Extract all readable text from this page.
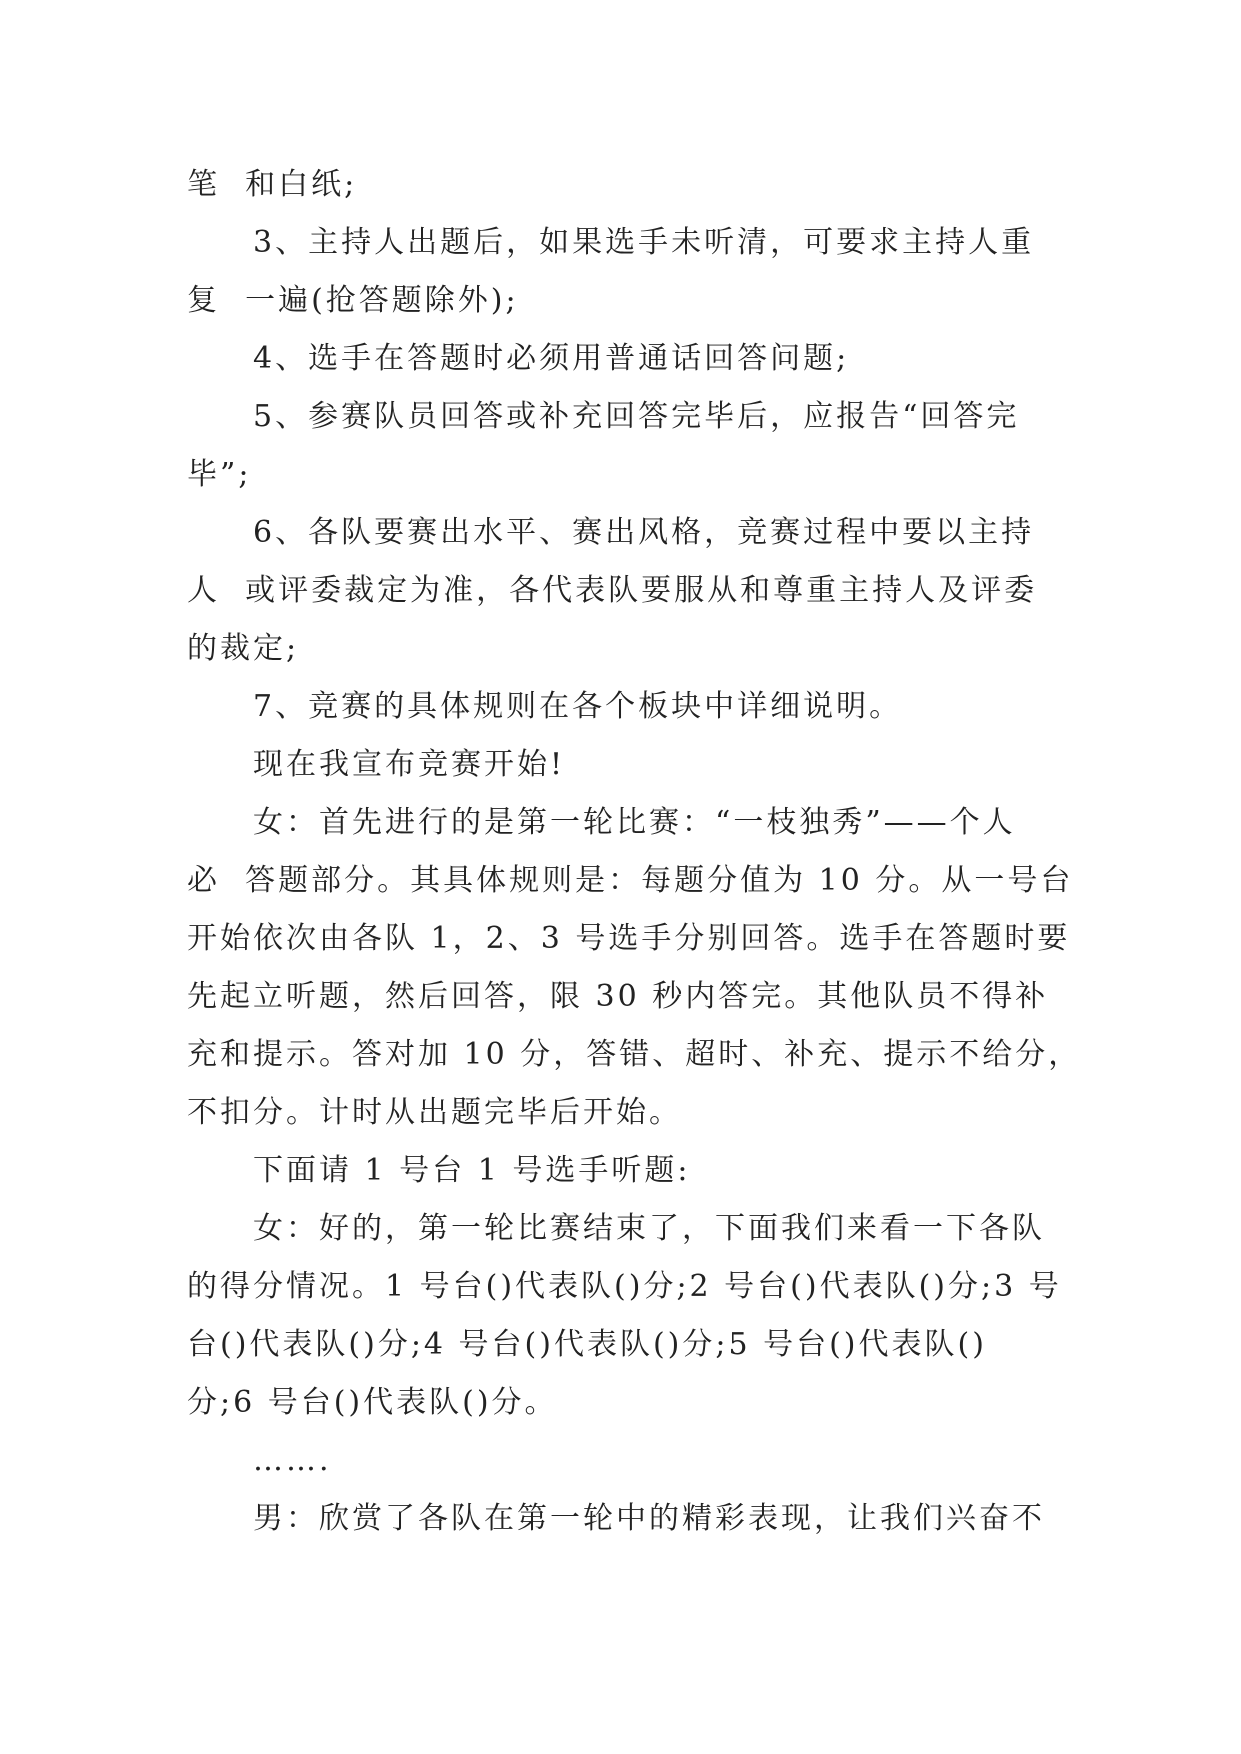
笔  和白纸;

3、主持人出题后，如果选手未听清，可要求主持人重

复  一遍(抢答题除外);

4、选手在答题时必须用普通话回答问题;

5、参赛队员回答或补充回答完毕后，应报告“回答完

毕”;

6、各队要赛出水平、赛出风格，竞赛过程中要以主持

人  或评委裁定为准，各代表队要服从和尊重主持人及评委

的裁定;

7、竞赛的具体规则在各个板块中详细说明。

现在我宣布竞赛开始!

女：首先进行的是第一轮比赛：“一枝独秀”——个人

必  答题部分。其具体规则是：每题分值为 10 分。从一号台

开始依次由各队 1，2、3 号选手分别回答。选手在答题时要

先起立听题，然后回答，限 30 秒内答完。其他队员不得补

充和提示。答对加 10 分，答错、超时、补充、提示不给分，

不扣分。计时从出题完毕后开始。

下面请 1 号台 1 号选手听题:

女：好的，第一轮比赛结束了，下面我们来看一下各队

的得分情况。1 号台()代表队()分;2 号台()代表队()分;3 号

台()代表队()分;4 号台()代表队()分;5 号台()代表队()

分;6 号台()代表队()分。

…….

男：欣赏了各队在第一轮中的精彩表现，让我们兴奋不
